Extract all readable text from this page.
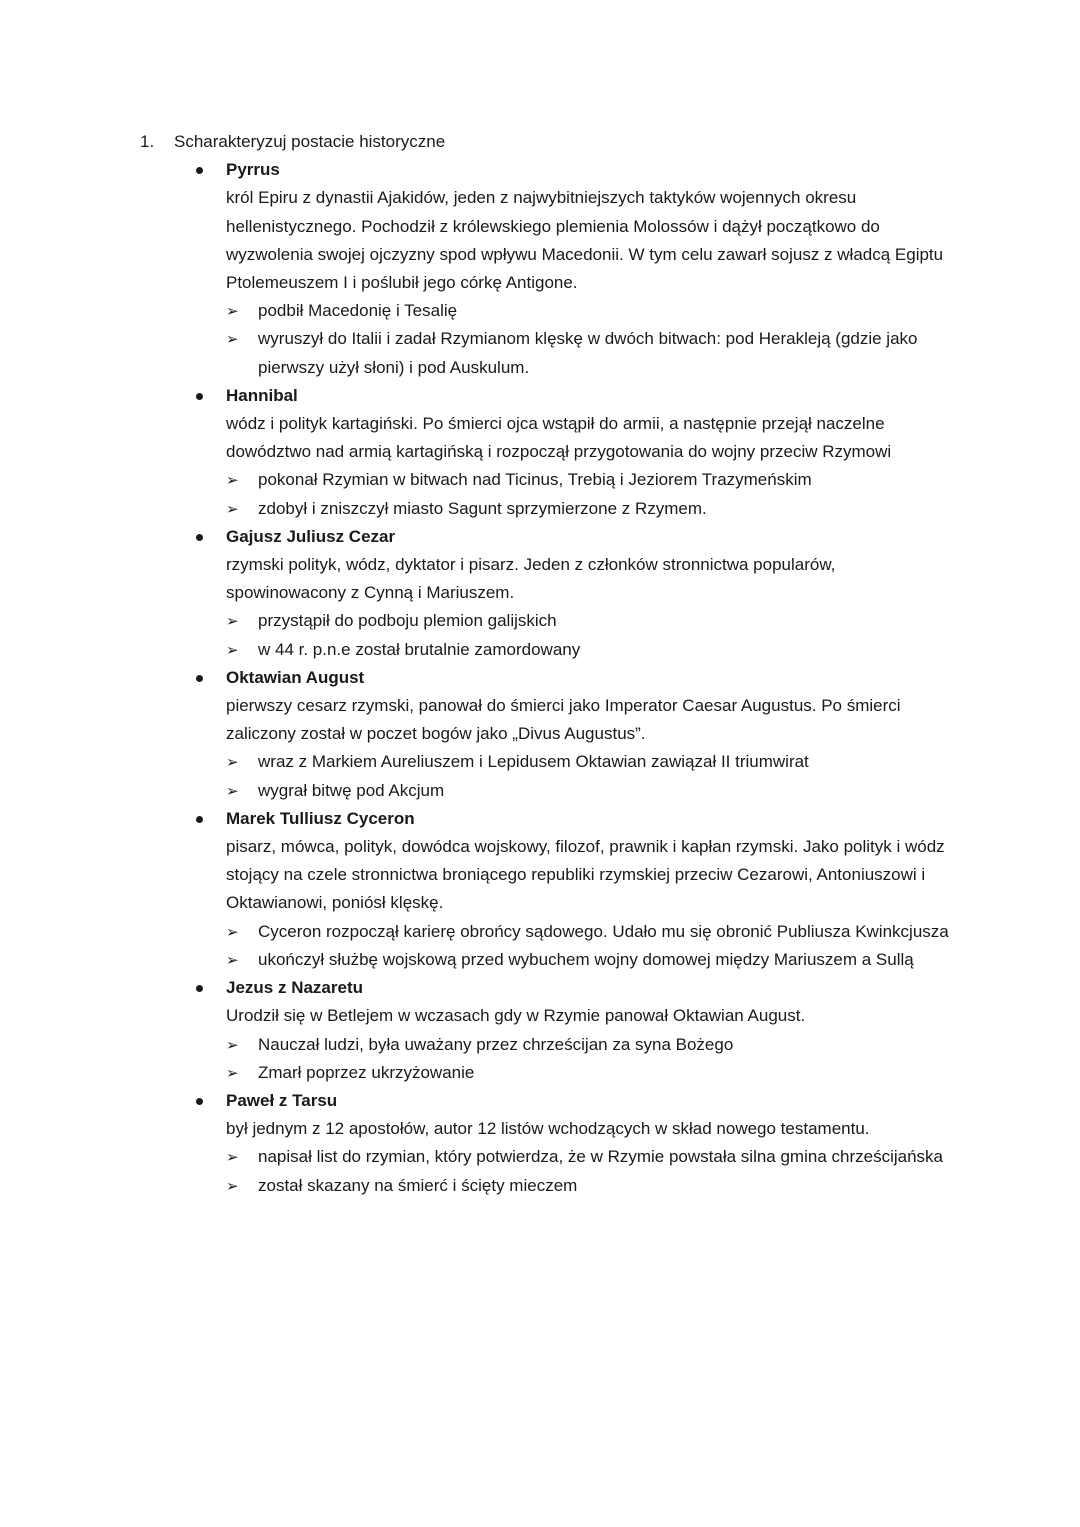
1. Scharakteryzuj postacie historyczne
Pyrrus
król Epiru z dynastii Ajakidów, jeden z najwybitniejszych taktyków wojennych okresu hellenistycznego. Pochodził z królewskiego plemienia Molossów i dążył początkowo do wyzwolenia swojej ojczyzny spod wpływu Macedonii. W tym celu zawarł sojusz z władcą Egiptu Ptolemeuszem I i poślubił jego córkę Antigone.
➢ podbił Macedonię i Tesalię
➢ wyruszył do Italii i zadał Rzymianom klęskę w dwóch bitwach: pod Herakleją (gdzie jako pierwszy użył słoni) i pod Auskulum.
Hannibal
wódz i polityk kartagiński. Po śmierci ojca wstąpił do armii, a następnie przejął naczelne dowództwo nad armią kartagińską i rozpoczął przygotowania do wojny przeciw Rzymowi
➢ pokonał Rzymian w bitwach nad Ticinus, Trebią i Jeziorem Trazymeńskim
➢ zdobył i zniszczył miasto Sagunt sprzymierzone z Rzymem.
Gajusz Juliusz Cezar
rzymski polityk, wódz, dyktator i pisarz. Jeden z członków stronnictwa popularów, spowinowacony z Cynną i Mariuszem.
➢ przystąpił do podboju plemion galijskich
➢ w 44 r. p.n.e został brutalnie zamordowany
Oktawian August
pierwszy cesarz rzymski, panował do śmierci jako Imperator Caesar Augustus. Po śmierci zaliczony został w poczet bogów jako „Divus Augustus”.
➢ wraz z Markiem Aureliuszem i Lepidusem Oktawian zawiązał II triumwirat
➢ wygrał bitwę pod Akcjum
Marek Tulliusz Cyceron
pisarz, mówca, polityk, dowódca wojskowy, filozof, prawnik i kapłan rzymski. Jako polityk i wódz stojący na czele stronnictwa broniącego republiki rzymskiej przeciw Cezarowi, Antoniuszowi i Oktawianowi, poniósł klęskę.
➢ Cyceron rozpoczął karierę obrońcy sądowego. Udało mu się obronić Publiusza Kwinkcjusza
➢ ukończył służbę wojskową przed wybuchem wojny domowej między Mariuszem a Sullą
Jezus z Nazaretu
Urodził się w Betlejem w wczasach gdy w Rzymie panował Oktawian August.
➢ Nauczał ludzi, była uważany przez chrześcijan za syna Bożego
➢ Zmarł poprzez ukrzyżowanie
Paweł z Tarsu
był jednym z 12 apostołów, autor 12 listów wchodzących w skład nowego testamentu.
➢ napisał list do rzymian, który potwierdza, że w Rzymie powstała silna gmina chrześcijańska
➢ został skazany na śmierć i ścięty mieczem
